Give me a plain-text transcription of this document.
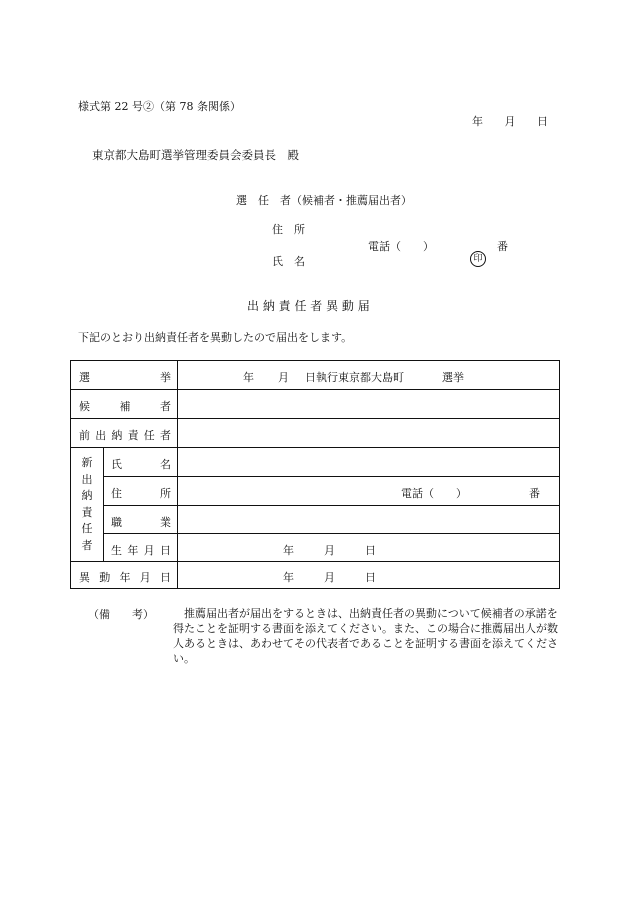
様式第 22 号②（第 78 条関係）
年 月 日
東京都大島町選挙管理委員会委員長　殿
選　任　者（候補者・推薦届出者）
住　所
電話（　　）	番
氏　名	印
出 納 責 任 者 異 動 届
下記のとおり出納責任者を異動したので届出をします。
選	挙	年 月 日執行東京都大島町	選挙
候	補	者
前 出 納 責 任 者
新
出
納
責
任
者
氏	名
住	所	電話（　　）	番
職	業
生 年 月 日	年	月	日
異 動 年 月 日	年	月	日
（備　　考）	推薦届出者が届出をするときは、出納責任者の異動について候補者の承諾を得たことを証明する書面を添えてください。また、この場合に推薦届出人が数人あるときは、あわせてその代表者であることを証明する書面を添えてください。
